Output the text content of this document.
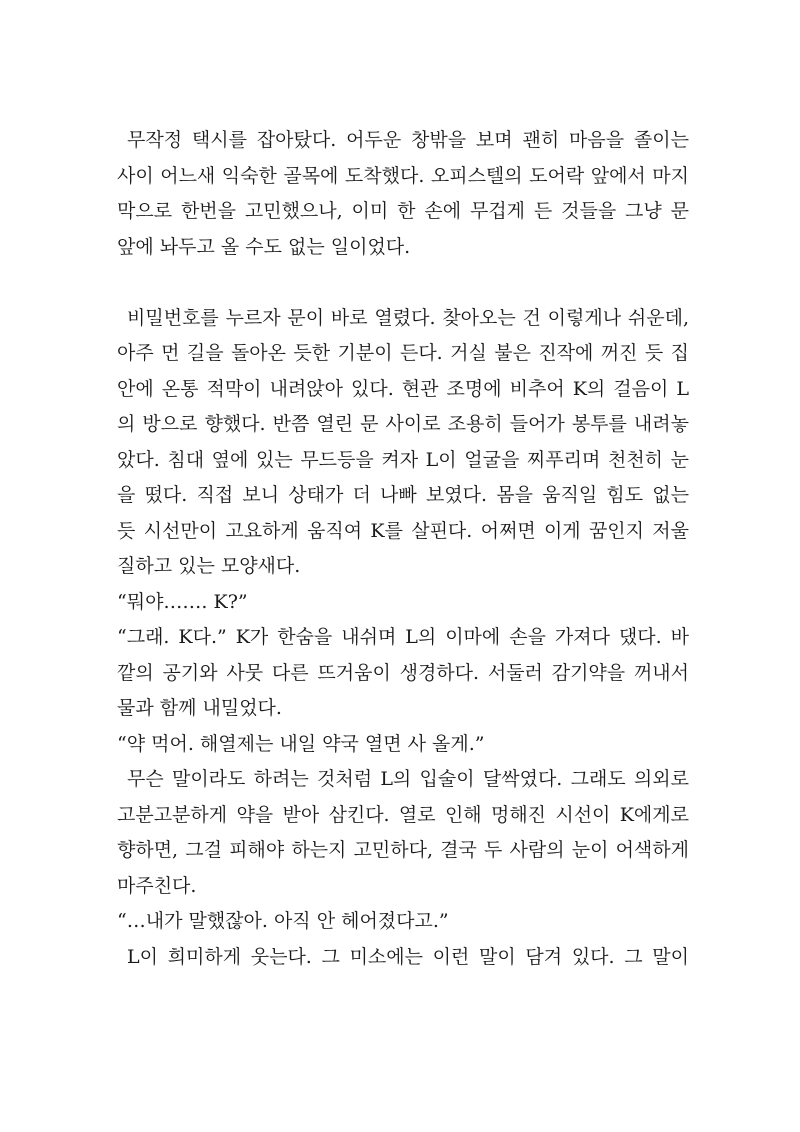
무작정 택시를 잡아탔다. 어두운 창밖을 보며 괜히 마음을 졸이는
사이 어느새 익숙한 골목에 도착했다. 오피스텔의 도어락 앞에서 마지
막으로 한번을 고민했으나, 이미 한 손에 무겁게 든 것들을 그냥 문
앞에 놔두고 올 수도 없는 일이었다.
비밀번호를 누르자 문이 바로 열렸다. 찾아오는 건 이렇게나 쉬운데,
아주 먼 길을 돌아온 듯한 기분이 든다. 거실 불은 진작에 꺼진 듯 집
안에 온통 적막이 내려앉아 있다. 현관 조명에 비추어 K의 걸음이 L
의 방으로 향했다. 반쯤 열린 문 사이로 조용히 들어가 봉투를 내려놓
았다. 침대 옆에 있는 무드등을 켜자 L이 얼굴을 찌푸리며 천천히 눈
을 떴다. 직접 보니 상태가 더 나빠 보였다. 몸을 움직일 힘도 없는
듯 시선만이 고요하게 움직여 K를 살핀다. 어쩌면 이게 꿈인지 저울
질하고 있는 모양새다.
“뭐야……. K?”
“그래. K다.” K가 한숨을 내쉬며 L의 이마에 손을 가져다 댔다. 바
깥의 공기와 사뭇 다른 뜨거움이 생경하다. 서둘러 감기약을 꺼내서
물과 함께 내밀었다.
“약 먹어. 해열제는 내일 약국 열면 사 올게.”
무슨 말이라도 하려는 것처럼 L의 입술이 달싹였다. 그래도 의외로
고분고분하게 약을 받아 삼킨다. 열로 인해 멍해진 시선이 K에게로
향하면, 그걸 피해야 하는지 고민하다, 결국 두 사람의 눈이 어색하게
마주친다.
“…내가 말했잖아. 아직 안 헤어졌다고.”
L이 희미하게 웃는다. 그 미소에는 이런 말이 담겨 있다. 그 말이
